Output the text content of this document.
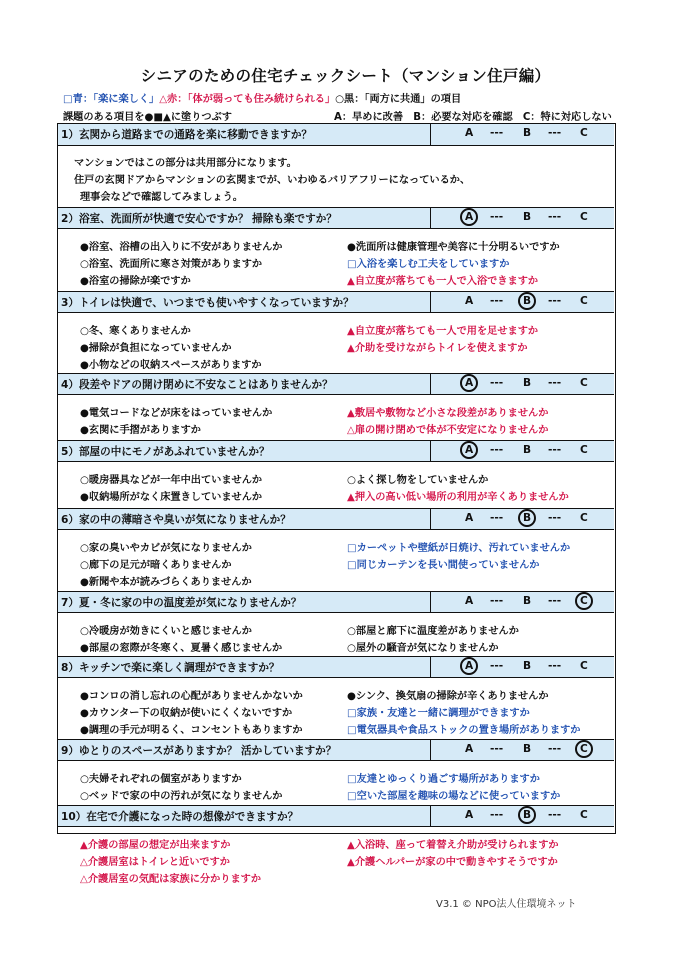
シニアのための住宅チェックシート（マンション住戸編）
□青：「楽に楽しく」△赤：「体が弱っても住み続けられる」○黒：「両方に共通」の項目
課題のある項目を●■▲に塗りつぶす	A：早めに改善　B：必要な対応を確認　C：特に対応しない
1）玄関から道路までの通路を楽に移動できますか？	A --- B --- C
マンションではこの部分は共用部分になります。
住戸の玄関ドアからマンションの玄関までが、いわゆるバリアフリーになっているか、
理事会などで確認してみましょう。
2）浴室、洗面所が快適で安心ですか？ 掃除も楽ですか？	A --- B --- C
●浴室、浴槽の出入りに不安がありませんか
○浴室、洗面所に寒さ対策がありますか
●浴室の掃除が楽ですか
●洗面所は健康管理や美容に十分明るいですか
□入浴を楽しむ工夫をしていますか
▲自立度が落ちても一人で入浴できますか
3）トイレは快適で、いつまでも使いやすくなっていますか？	A --- B --- C
○冬、寒くありませんか
●掃除が負担になっていませんか
●小物などの収納スペースがありますか
▲自立度が落ちても一人で用を足せますか
▲介助を受けながらトイレを使えますか
4）段差やドアの開け閉めに不安なことはありませんか？	A --- B --- C
●電気コードなどが床をはっていませんか
●玄関に手摺がありますか
▲敷居や敷物など小さな段差がありませんか
△扉の開け閉めで体が不安定になりませんか
5）部屋の中にモノがあふれていませんか？	A --- B --- C
○暖房器具などが一年中出ていませんか
●収納場所がなく床置きしていませんか
○よく探し物をしていませんか
▲押入の高い低い場所の利用が辛くありませんか
6）家の中の薄暗さや臭いが気になりませんか？	A --- B --- C
○家の臭いやカビが気になりませんか
○廊下の足元が暗くありませんか
●新聞や本が読みづらくありませんか
□カーペットや壁紙が日焼け、汚れていませんか
□同じカーテンを長い間使っていませんか
7）夏・冬に家の中の温度差が気になりませんか？	A --- B --- C
○冷暖房が効きにくいと感じませんか
●部屋の窓際が冬寒く、夏暑く感じませんか
○部屋と廊下に温度差がありませんか
○屋外の騒音が気になりませんか
8）キッチンで楽に楽しく調理ができますか？	A --- B --- C
●コンロの消し忘れの心配がありませんかないか
●カウンター下の収納が使いにくくないですか
●調理の手元が明るく、コンセントもありますか
●シンク、換気扇の掃除が辛くありませんか
□家族・友達と一緒に調理ができますか
□電気器具や食品ストックの置き場所がありますか
9）ゆとりのスペースがありますか？ 活かしていますか？	A --- B --- C
○夫婦それぞれの個室がありますか
○ベッドで家の中の汚れが気になりませんか
□友達とゆっくり過ごす場所がありますか
□空いた部屋を趣味の場などに使っていますか
10）在宅で介護になった時の想像ができますか？	A --- B --- C
▲介護の部屋の想定が出来ますか
△介護居室はトイレと近いですか
△介護居室の気配は家族に分かりますか
▲入浴時、座って着替え介助が受けられますか
▲介護ヘルパーが家の中で動きやすそうですか
V3.1 © NPO法人住環境ネット
